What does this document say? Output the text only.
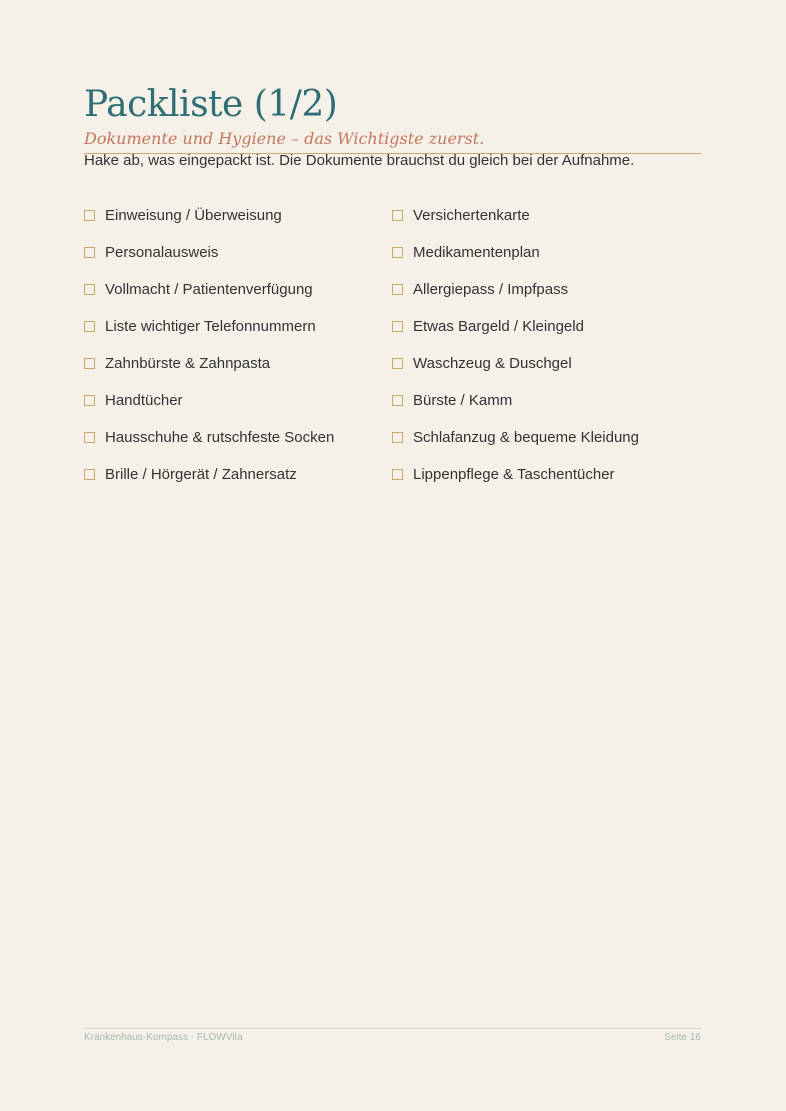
Packliste (1/2)
Dokumente und Hygiene – das Wichtigste zuerst.

Hake ab, was eingepackt ist. Die Dokumente brauchst du gleich bei der Aufnahme.

Einweisung / Überweisung
Personalausweis
Vollmacht / Patientenverfügung
Liste wichtiger Telefonnummern
Zahnbürste & Zahnpasta
Handtücher
Hausschuhe & rutschfeste Socken
Brille / Hörgerät / Zahnersatz
Versichertenkarte
Medikamentenplan
Allergiepass / Impfpass
Etwas Bargeld / Kleingeld
Waschzeug & Duschgel
Bürste / Kamm
Schlafanzug & bequeme Kleidung
Lippenpflege & Taschentücher
Krankenhaus-Kompass · FLOWVita	Seite 16
